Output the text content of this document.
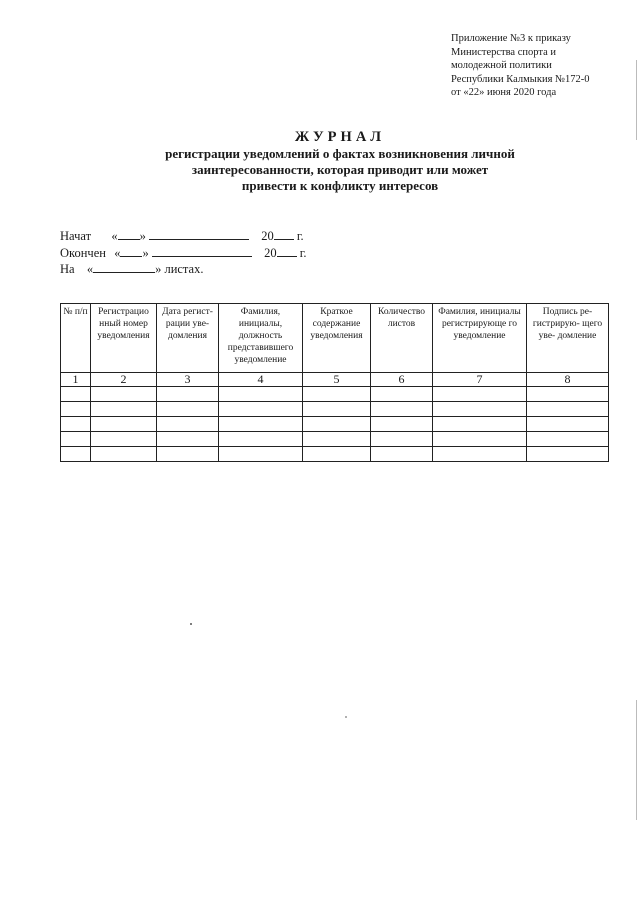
Приложение №3 к приказу
Министерства спорта и
молодежной политики
Республики Калмыкия №172-0
от «22» июня 2020 года
ЖУРНАЛ
регистрации уведомлений о фактах возникновения личной
заинтересованности, которая приводит или может
привести к конфликту интересов
Начат « »	20 г.
Окончен « »	20 г.
На «	» листах.
№ п/п	Регистрацио нный номер уведомления	Дата регист- рации уве- домления	Фамилия, инициалы, должность представившего уведомление	Краткое содержание уведомления	Количество листов	Фамилия, инициалы регистрирующе го уведомление	Подпись ре- гистрирую- щего уве- домление
1	2	3	4	5	6	7	8
